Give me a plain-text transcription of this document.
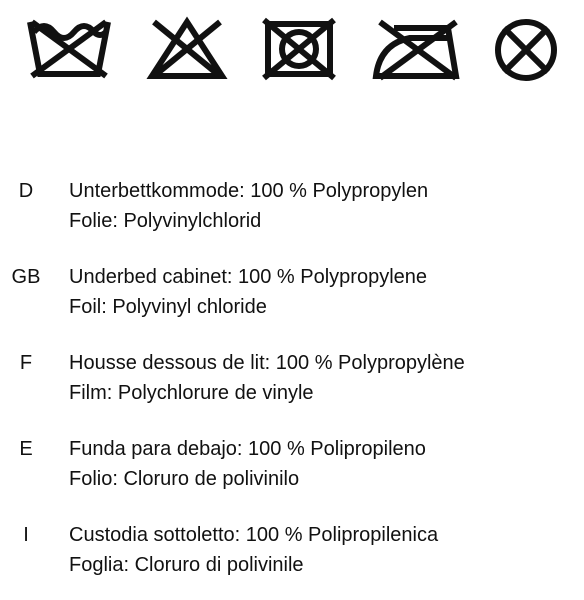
D	Unterbettkommode: 100 % Polypropylen
Folie: Polyvinylchlorid
GB	Underbed cabinet: 100 % Polypropylene
Foil: Polyvinyl chloride
F	Housse dessous de lit: 100 % Polypropylène
Film: Polychlorure de vinyle
E	Funda para debajo: 100 % Polipropileno
Folio: Cloruro de polivinilo
I	Custodia sottoletto: 100 % Polipropilenica
Foglia: Cloruro di polivinile
